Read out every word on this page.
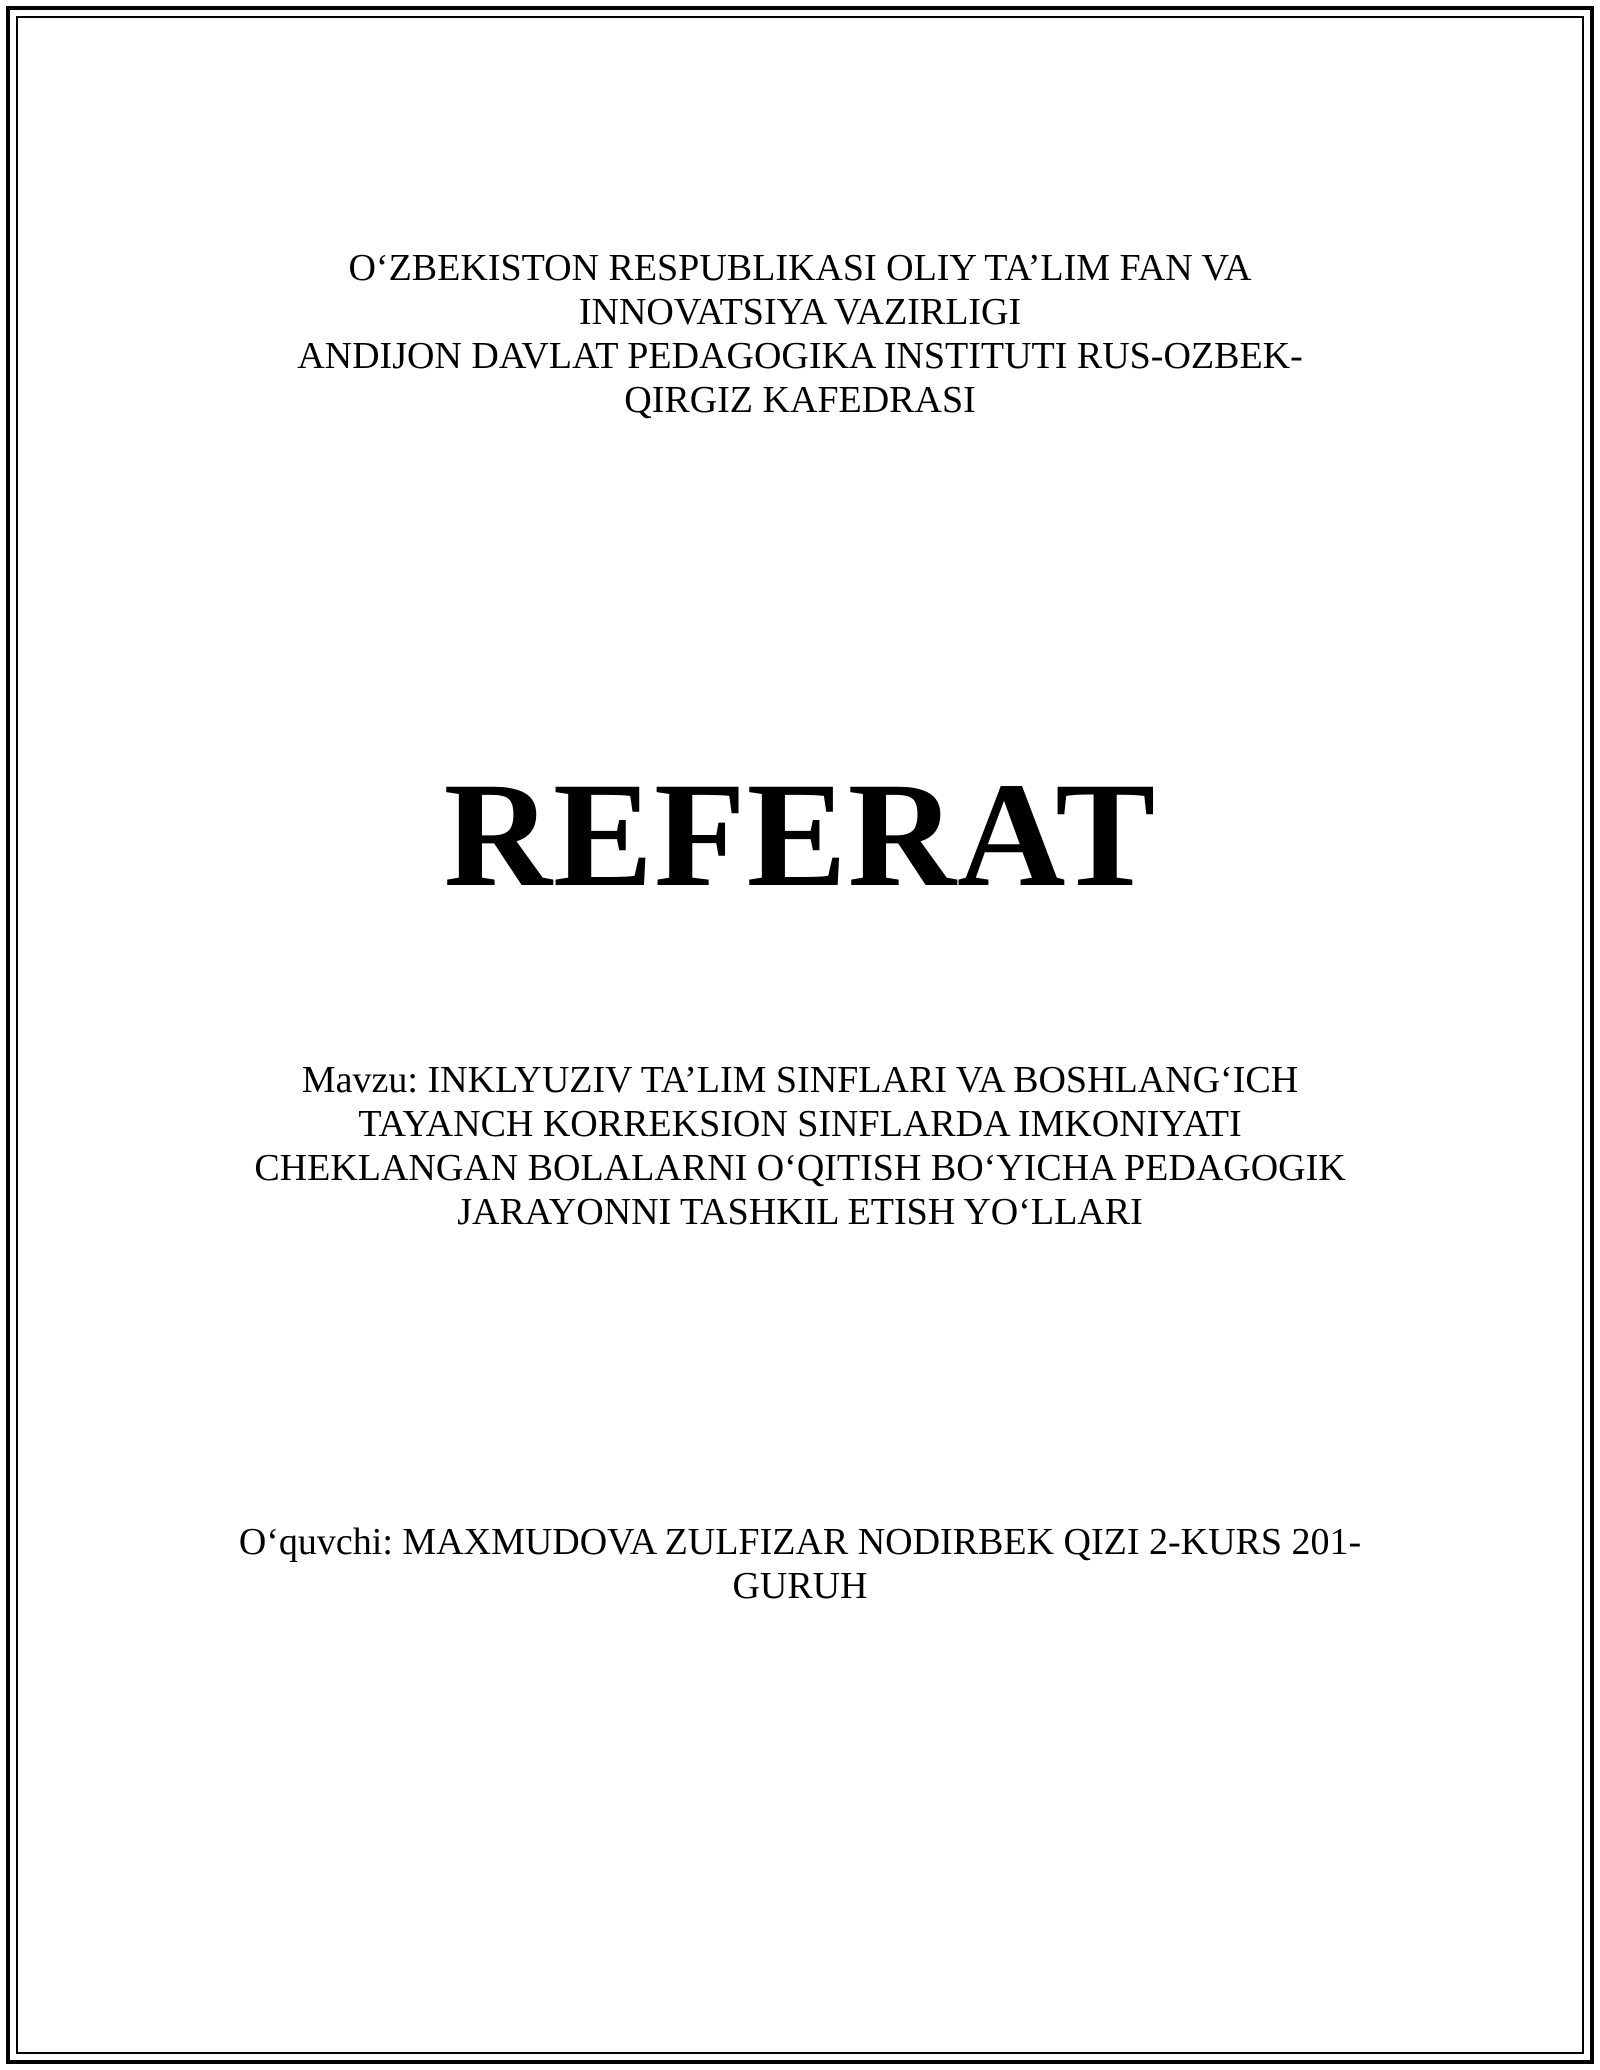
O‘ZBEKISTON RESPUBLIKASI OLIY TA’LIM FAN VA
INNOVATSIYA VAZIRLIGI
ANDIJON DAVLAT PEDAGOGIKA INSTITUTI RUS-OZBEK-
QIRGIZ KAFEDRASI
REFERAT
Mavzu: INKLYUZIV TA’LIM SINFLARI VA BOSHLANG‘ICH
TAYANCH KORREKSION SINFLARDA IMKONIYATI
CHEKLANGAN BOLALARNI O‘QITISH BO‘YICHA PEDAGOGIK
JARAYONNI TASHKIL ETISH YO‘LLARI
O‘quvchi: MAXMUDOVA ZULFIZAR NODIRBEK QIZI 2-KURS 201-
GURUH
